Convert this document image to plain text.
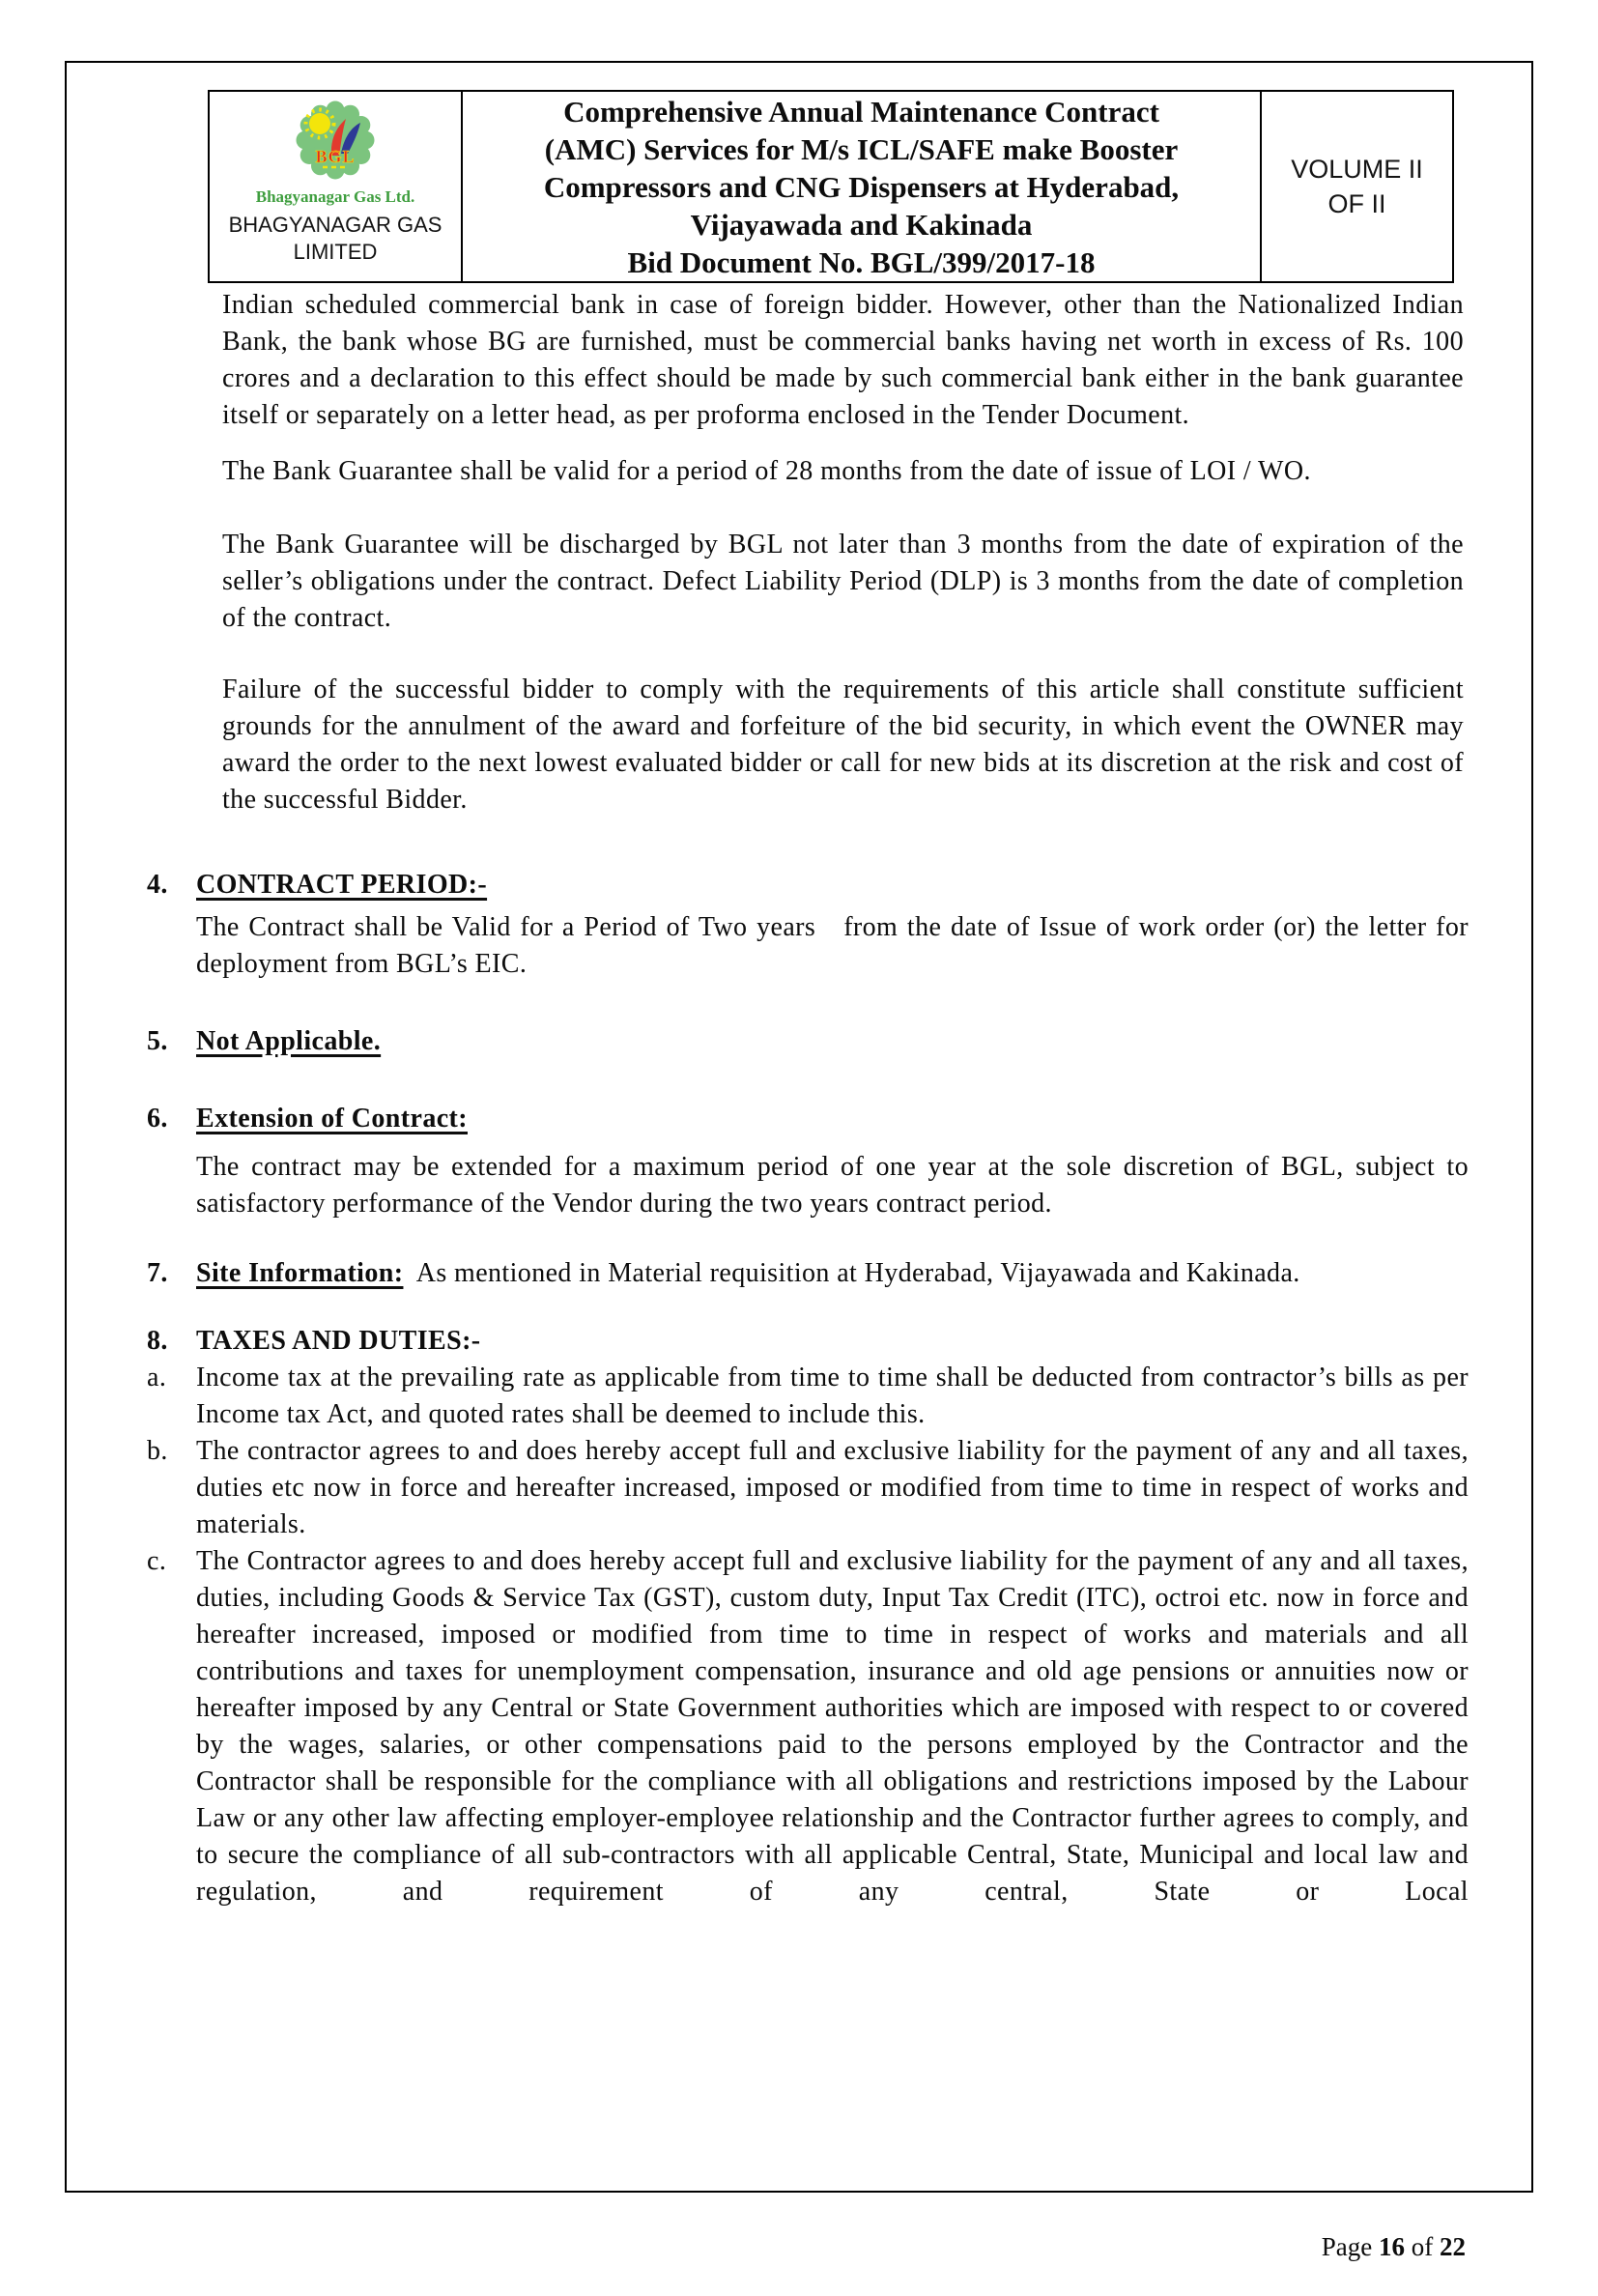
BGL
Bhagyanagar Gas Ltd.
BHAGYANAGAR GAS LIMITED

Comprehensive Annual Maintenance Contract (AMC) Services for M/s ICL/SAFE make Booster Compressors and CNG Dispensers at Hyderabad, Vijayawada and Kakinada
Bid Document No. BGL/399/2017-18

VOLUME II
OF II

Indian scheduled commercial bank in case of foreign bidder. However, other than the Nationalized Indian Bank, the bank whose BG are furnished, must be commercial banks having net worth in excess of Rs. 100 crores and a declaration to this effect should be made by such commercial bank either in the bank guarantee itself or separately on a letter head, as per proforma enclosed in the Tender Document.

The Bank Guarantee shall be valid for a period of 28 months from the date of issue of LOI / WO.

The Bank Guarantee will be discharged by BGL not later than 3 months from the date of expiration of the seller’s obligations under the contract. Defect Liability Period (DLP) is 3 months from the date of completion of the contract.

Failure of the successful bidder to comply with the requirements of this article shall constitute sufficient grounds for the annulment of the award and forfeiture of the bid security, in which event the OWNER may award the order to the next lowest evaluated bidder or call for new bids at its discretion at the risk and cost of the successful Bidder.

4.	CONTRACT PERIOD:-
The Contract shall be Valid for a Period of Two years   from the date of Issue of work order (or) the letter for deployment from BGL’s EIC.
5.	Not Applicable.
6.	Extension of Contract:
The contract may be extended for a maximum period of one year at the sole discretion of BGL, subject to satisfactory performance of the Vendor during the two years contract period.
7.	Site Information:  As mentioned in Material requisition at Hyderabad, Vijayawada and Kakinada.
8.	TAXES AND DUTIES:-
a.	Income tax at the prevailing rate as applicable from time to time shall be deducted from contractor’s bills as per Income tax Act, and quoted rates shall be deemed to include this.
b.	The contractor agrees to and does hereby accept full and exclusive liability for the payment of any and all taxes, duties etc now in force and hereafter increased, imposed or modified from time to time in respect of works and materials.
c.	The Contractor agrees to and does hereby accept full and exclusive liability for the payment of any and all taxes, duties, including Goods & Service Tax (GST), custom duty, Input Tax Credit (ITC), octroi etc. now in force and hereafter increased, imposed or modified from time to time in respect of works and materials and all contributions and taxes for unemployment compensation, insurance and old age pensions or annuities now or hereafter imposed by any Central or State Government authorities which are imposed with respect to or covered by the wages, salaries, or other compensations paid to the persons employed by the Contractor and the Contractor shall be responsible for the compliance with all obligations and restrictions imposed by the Labour Law or any other law affecting employer-employee relationship and the Contractor further agrees to comply, and to secure the compliance of all sub-contractors with all applicable Central, State, Municipal and local law and regulation, and requirement of any central, State or Local

Page 16 of 22
